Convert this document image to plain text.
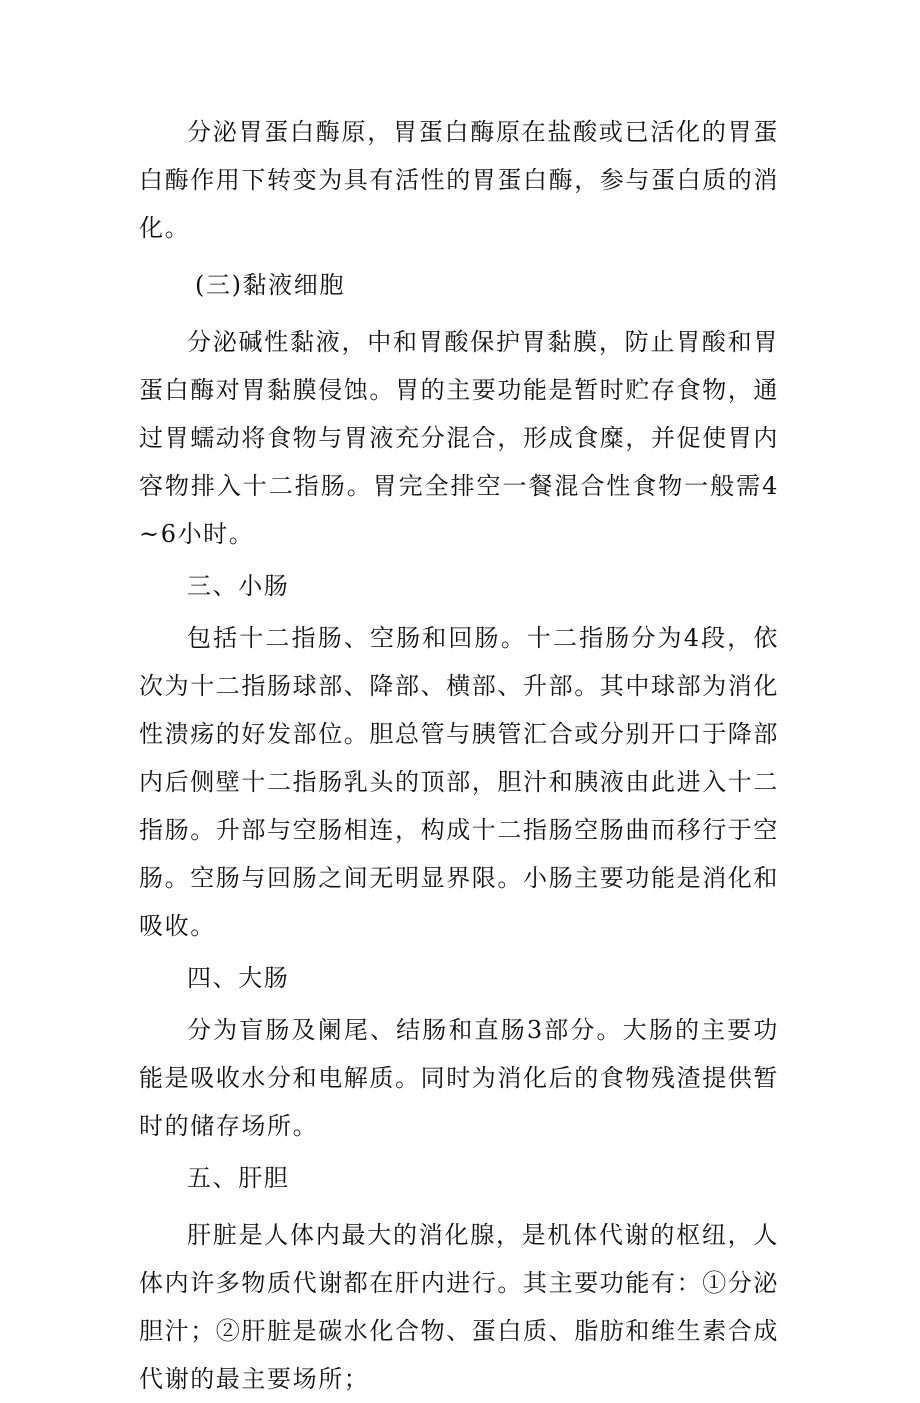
分泌胃蛋白酶原，胃蛋白酶原在盐酸或已活化的胃蛋白酶作用下转变为具有活性的胃蛋白酶，参与蛋白质的消化。

(三)黏液细胞

分泌碱性黏液，中和胃酸保护胃黏膜，防止胃酸和胃蛋白酶对胃黏膜侵蚀。胃的主要功能是暂时贮存食物，通过胃蠕动将食物与胃液充分混合，形成食糜，并促使胃内容物排入十二指肠。胃完全排空一餐混合性食物一般需4~6小时。

三、小肠

包括十二指肠、空肠和回肠。十二指肠分为4段，依次为十二指肠球部、降部、横部、升部。其中球部为消化性溃疡的好发部位。胆总管与胰管汇合或分别开口于降部内后侧壁十二指肠乳头的顶部，胆汁和胰液由此进入十二指肠。升部与空肠相连，构成十二指肠空肠曲而移行于空肠。空肠与回肠之间无明显界限。小肠主要功能是消化和吸收。

四、大肠

分为盲肠及阑尾、结肠和直肠3部分。大肠的主要功能是吸收水分和电解质。同时为消化后的食物残渣提供暂时的储存场所。

五、肝胆

肝脏是人体内最大的消化腺，是机体代谢的枢纽，人体内许多物质代谢都在肝内进行。其主要功能有：①分泌胆汁；②肝脏是碳水化合物、蛋白质、脂肪和维生素合成代谢的最主要场所；
